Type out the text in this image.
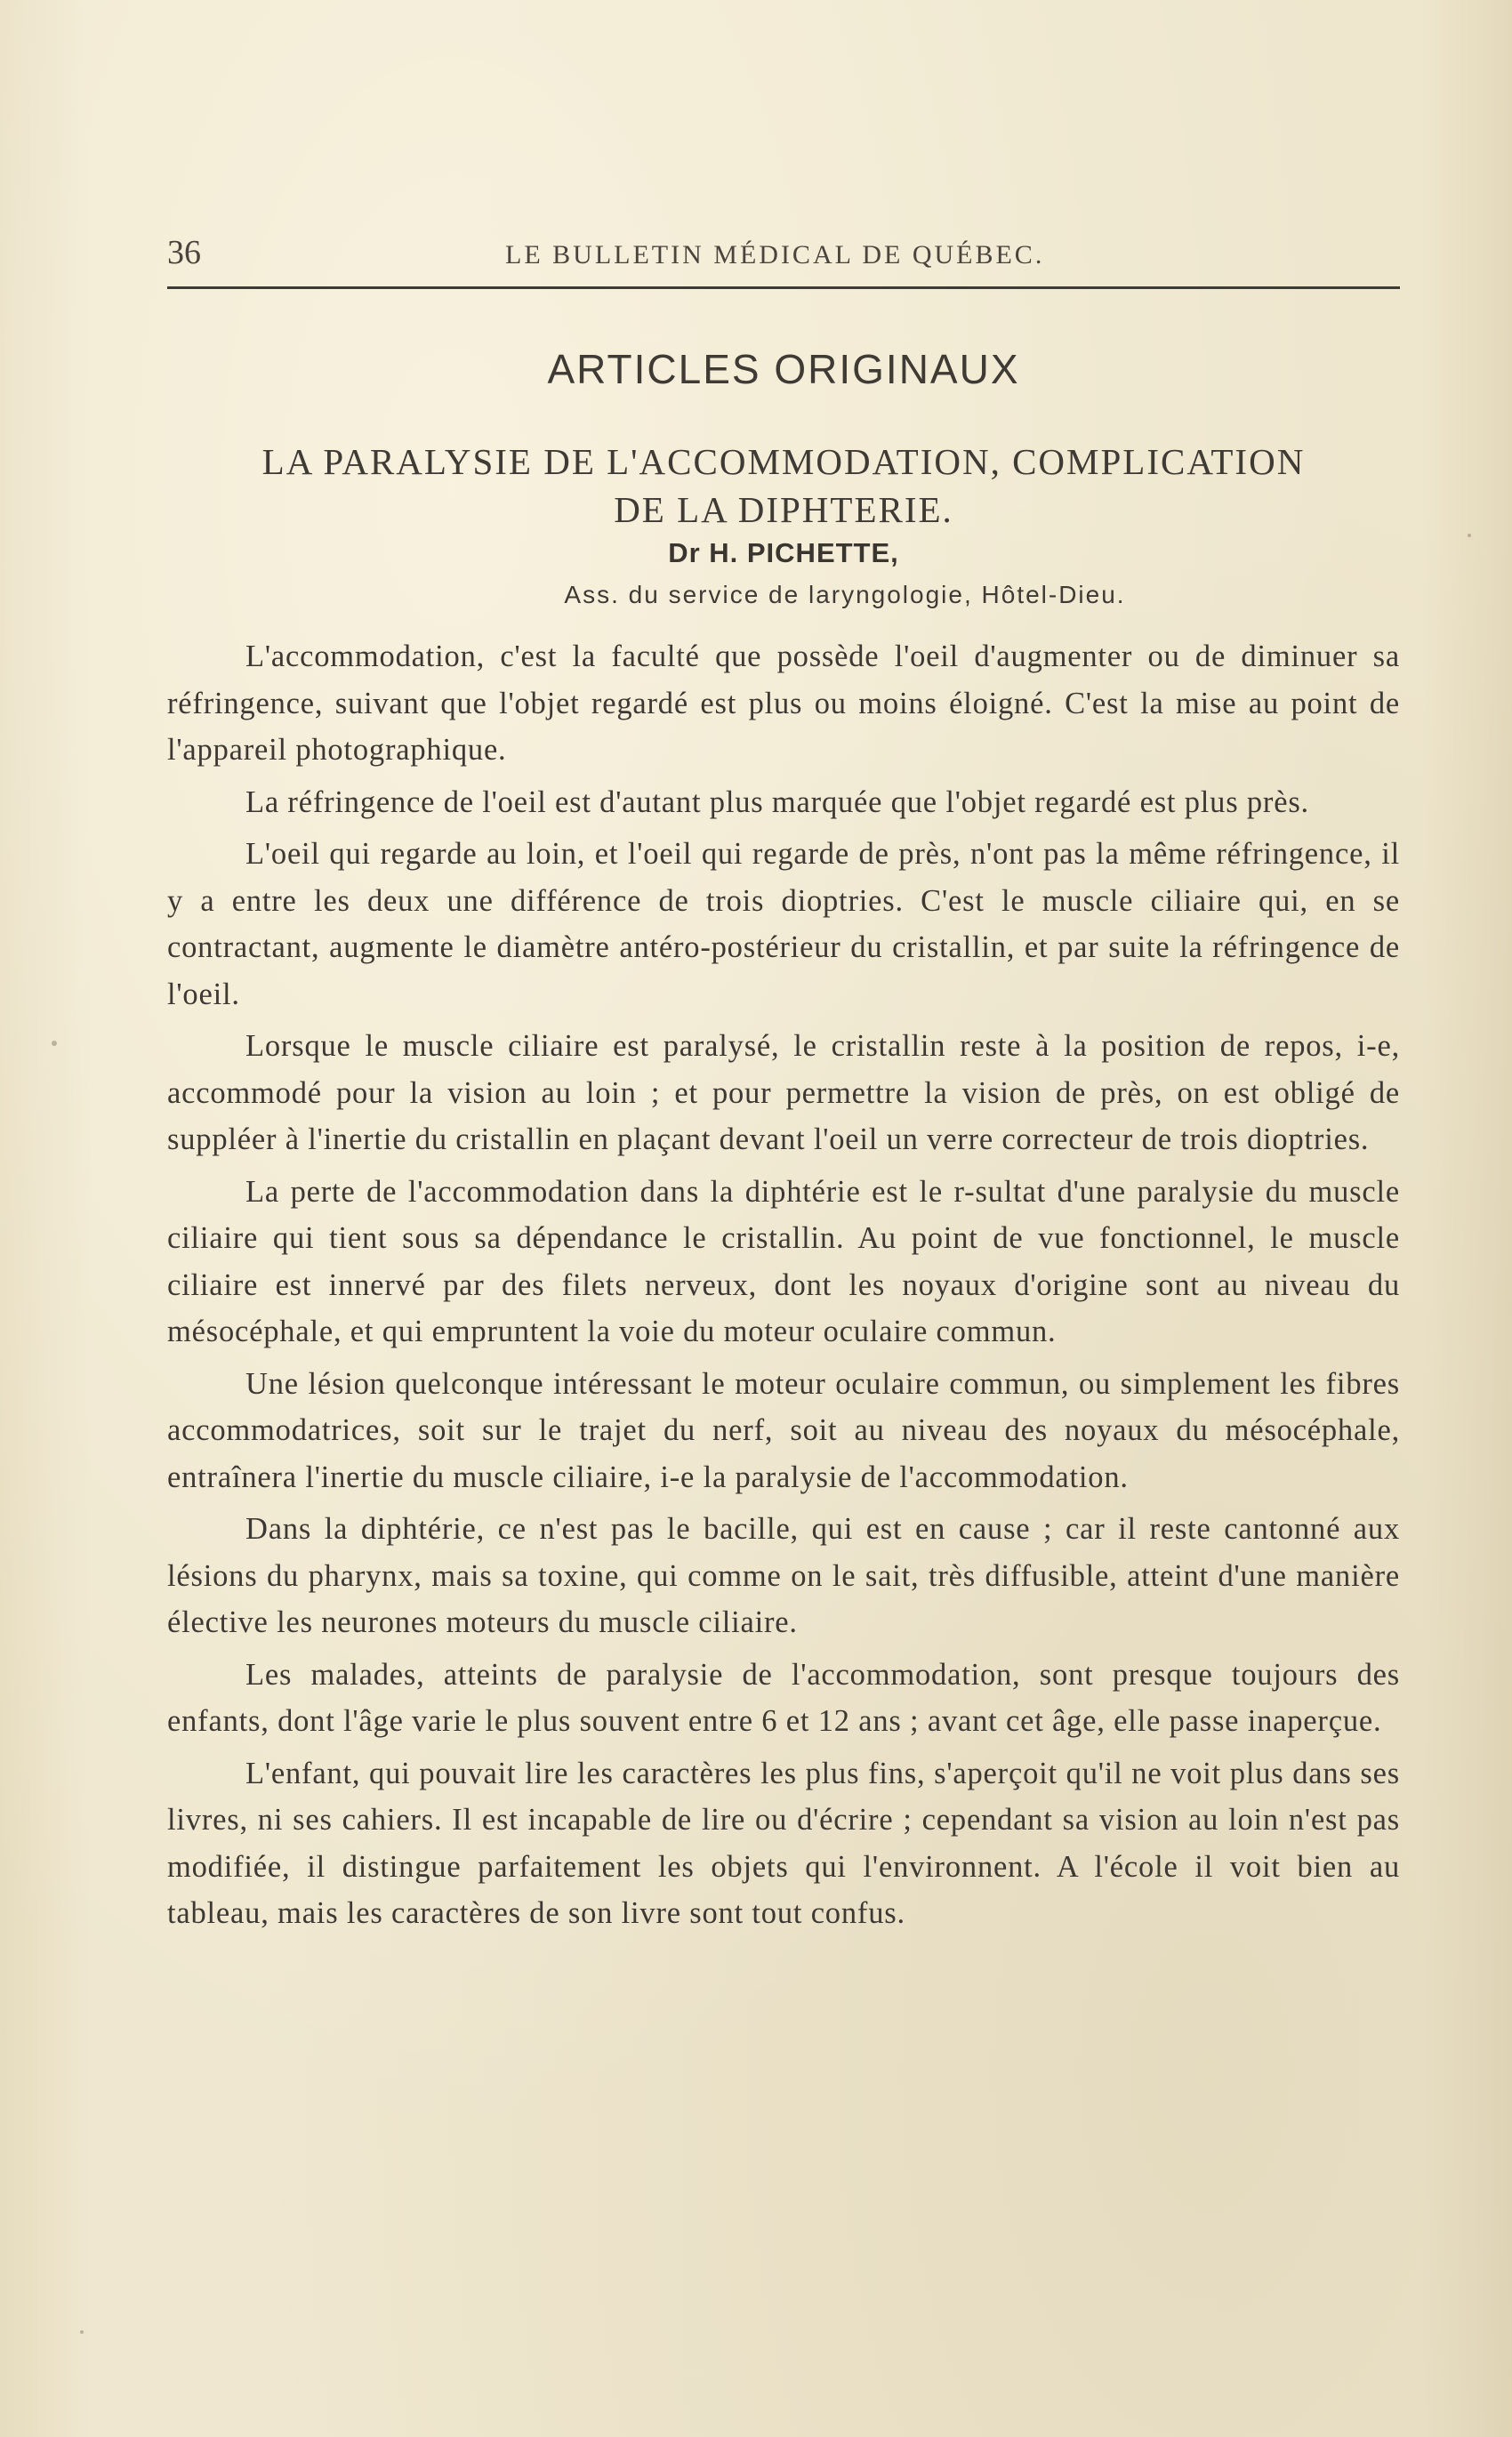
36	LE BULLETIN MÉDICAL DE QUÉBEC.
ARTICLES ORIGINAUX
LA PARALYSIE DE L'ACCOMMODATION, COMPLICATION
DE LA DIPHTERIE.
Dr H. PICHETTE,
Ass. du service de laryngologie, Hôtel-Dieu.

L'accommodation, c'est la faculté que possède l'oeil d'augmenter ou de diminuer sa réfringence, suivant que l'objet regardé est plus ou moins éloigné. C'est la mise au point de l'appareil photographique.

La réfringence de l'oeil est d'autant plus marquée que l'objet regardé est plus près.

L'oeil qui regarde au loin, et l'oeil qui regarde de près, n'ont pas la même réfringence, il y a entre les deux une différence de trois dioptries. C'est le muscle ciliaire qui, en se contractant, augmente le diamètre antéro-postérieur du cristallin, et par suite la réfringence de l'oeil.

Lorsque le muscle ciliaire est paralysé, le cristallin reste à la position de repos, i-e, accommodé pour la vision au loin ; et pour permettre la vision de près, on est obligé de suppléer à l'inertie du cristallin en plaçant devant l'oeil un verre correcteur de trois dioptries.

La perte de l'accommodation dans la diphtérie est le r-sultat d'une paralysie du muscle ciliaire qui tient sous sa dépendance le cristallin. Au point de vue fonctionnel, le muscle ciliaire est innervé par des filets nerveux, dont les noyaux d'origine sont au niveau du mésocéphale, et qui empruntent la voie du moteur oculaire commun.

Une lésion quelconque intéressant le moteur oculaire commun, ou simplement les fibres accommodatrices, soit sur le trajet du nerf, soit au niveau des noyaux du mésocéphale, entraînera l'inertie du muscle ciliaire, i-e la paralysie de l'accommodation.

Dans la diphtérie, ce n'est pas le bacille, qui est en cause ; car il reste cantonné aux lésions du pharynx, mais sa toxine, qui comme on le sait, très diffusible, atteint d'une manière élective les neurones moteurs du muscle ciliaire.

Les malades, atteints de paralysie de l'accommodation, sont presque toujours des enfants, dont l'âge varie le plus souvent entre 6 et 12 ans ; avant cet âge, elle passe inaperçue.

L'enfant, qui pouvait lire les caractères les plus fins, s'aperçoit qu'il ne voit plus dans ses livres, ni ses cahiers. Il est incapable de lire ou d'écrire ; cependant sa vision au loin n'est pas modifiée, il distingue parfaitement les objets qui l'environnent. A l'école il voit bien au tableau, mais les caractères de son livre sont tout confus.
